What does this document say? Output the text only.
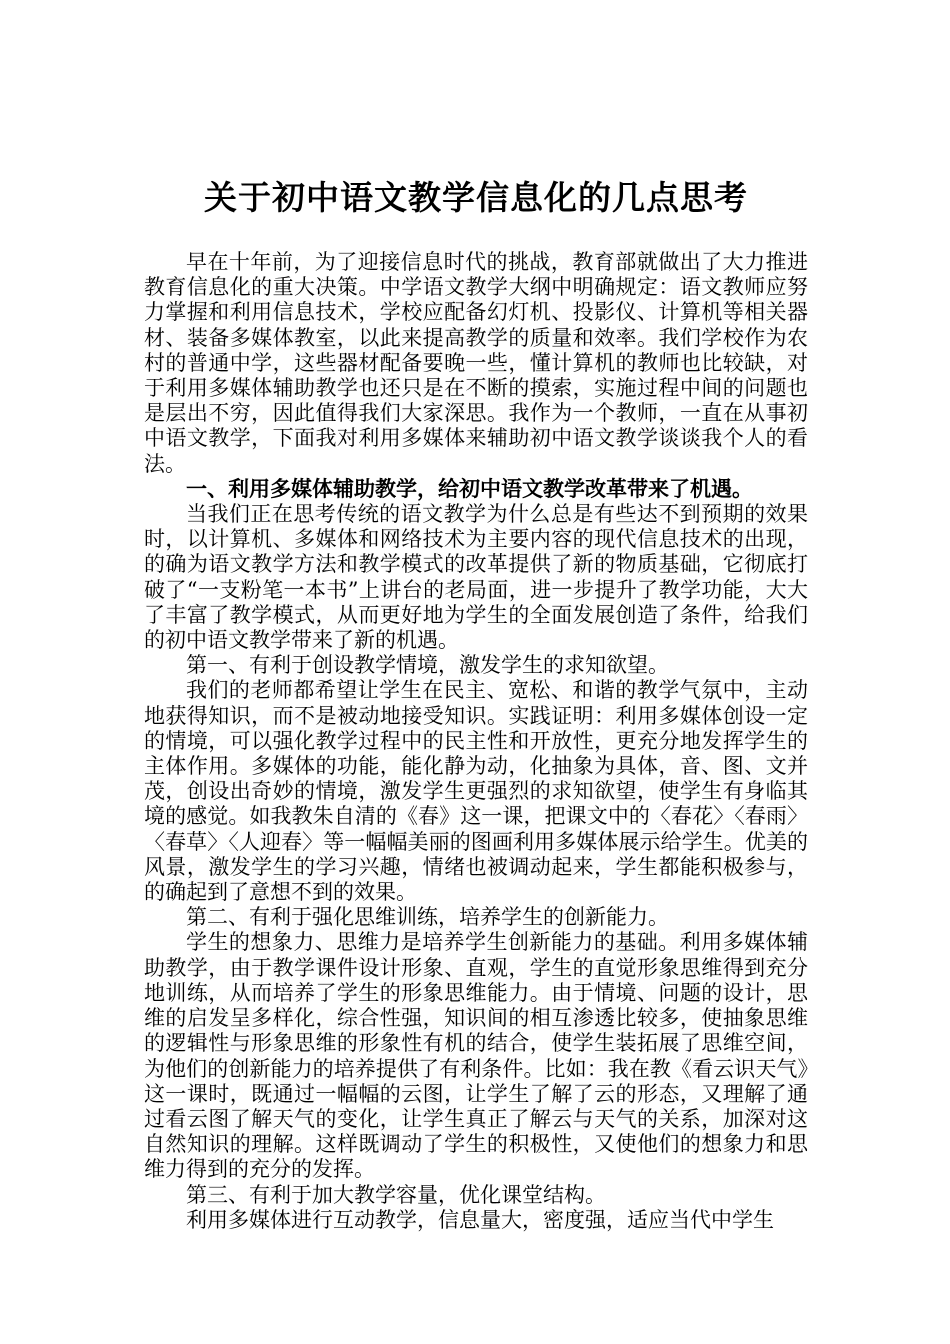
关于初中语文教学信息化的几点思考

早在十年前，为了迎接信息时代的挑战，教育部就做出了大力推进教育信息化的重大决策。中学语文教学大纲中明确规定：语文教师应努力掌握和利用信息技术，学校应配备幻灯机、投影仪、计算机等相关器材、装备多媒体教室，以此来提高教学的质量和效率。我们学校作为农村的普通中学，这些器材配备要晚一些，懂计算机的教师也比较缺，对于利用多媒体辅助教学也还只是在不断的摸索，实施过程中间的问题也是层出不穷，因此值得我们大家深思。我作为一个教师，一直在从事初中语文教学，下面我对利用多媒体来辅助初中语文教学谈谈我个人的看法。

一、利用多媒体辅助教学，给初中语文教学改革带来了机遇。

当我们正在思考传统的语文教学为什么总是有些达不到预期的效果时，以计算机、多媒体和网络技术为主要内容的现代信息技术的出现，的确为语文教学方法和教学模式的改革提供了新的物质基础，它彻底打破了“一支粉笔一本书”上讲台的老局面，进一步提升了教学功能，大大了丰富了教学模式，从而更好地为学生的全面发展创造了条件，给我们的初中语文教学带来了新的机遇。

第一、有利于创设教学情境，激发学生的求知欲望。

我们的老师都希望让学生在民主、宽松、和谐的教学气氛中，主动地获得知识，而不是被动地接受知识。实践证明：利用多媒体创设一定的情境，可以强化教学过程中的民主性和开放性，更充分地发挥学生的主体作用。多媒体的功能，能化静为动，化抽象为具体，音、图、文并茂，创设出奇妙的情境，激发学生更强烈的求知欲望，使学生有身临其境的感觉。如我教朱自清的《春》这一课，把课文中的〈春花〉〈春雨〉〈春草〉〈人迎春〉等一幅幅美丽的图画利用多媒体展示给学生。优美的风景，激发学生的学习兴趣，情绪也被调动起来，学生都能积极参与，的确起到了意想不到的效果。

第二、有利于强化思维训练，培养学生的创新能力。

学生的想象力、思维力是培养学生创新能力的基础。利用多媒体辅助教学，由于教学课件设计形象、直观，学生的直觉形象思维得到充分地训练，从而培养了学生的形象思维能力。由于情境、问题的设计，思维的启发呈多样化，综合性强，知识间的相互渗透比较多，使抽象思维的逻辑性与形象思维的形象性有机的结合，使学生装拓展了思维空间，为他们的创新能力的培养提供了有利条件。比如：我在教《看云识天气》这一课时，既通过一幅幅的云图，让学生了解了云的形态，又理解了通过看云图了解天气的变化，让学生真正了解云与天气的关系，加深对这自然知识的理解。这样既调动了学生的积极性，又使他们的想象力和思维力得到的充分的发挥。

第三、有利于加大教学容量，优化课堂结构。

利用多媒体进行互动教学，信息量大，密度强，适应当代中学生
